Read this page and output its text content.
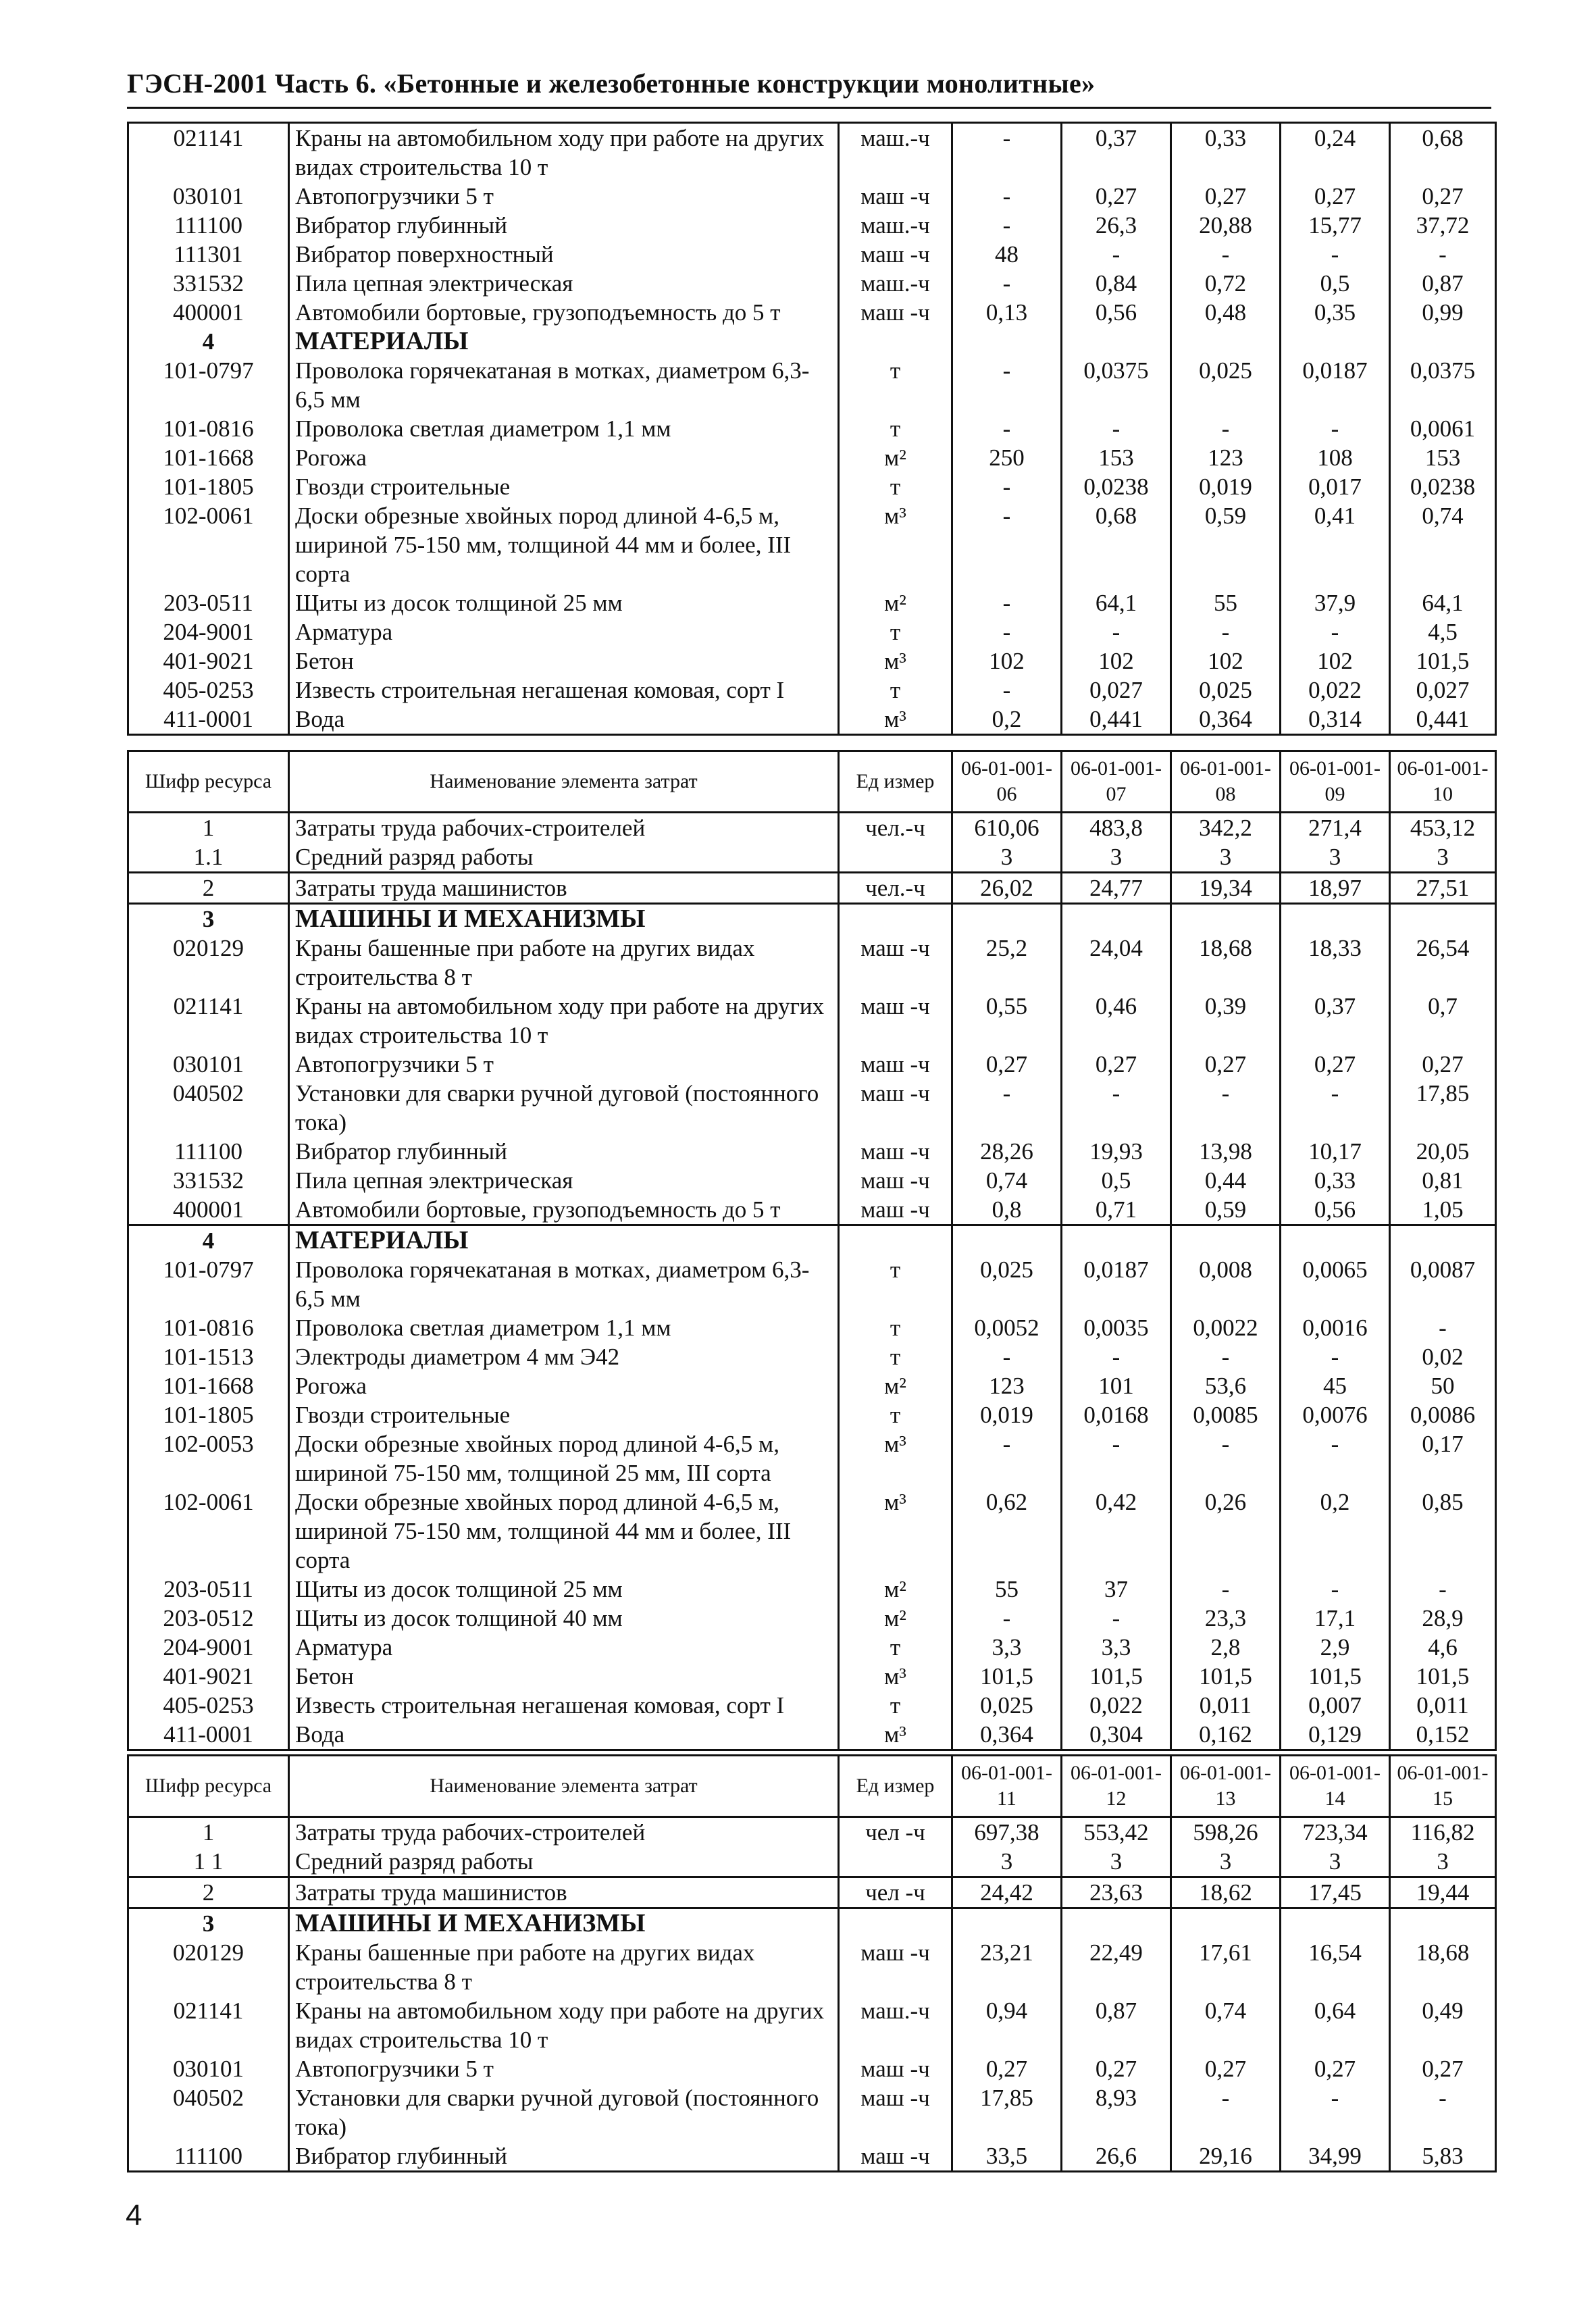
ГЭСН-2001 Часть 6. «Бетонные и железобетонные конструкции монолитные»
021141	Краны на автомобильном ходу при работе на других видах строительства 10 т	маш.-ч	-	0,37	0,33	0,24	0,68
030101	Автопогрузчики 5 т	маш -ч	-	0,27	0,27	0,27	0,27
111100	Вибратор глубинный	маш.-ч	-	26,3	20,88	15,77	37,72
111301	Вибратор поверхностный	маш -ч	48	-	-	-	-
331532	Пила цепная электрическая	маш.-ч	-	0,84	0,72	0,5	0,87
400001	Автомобили бортовые, грузоподъемность до 5 т	маш -ч	0,13	0,56	0,48	0,35	0,99
4	МАТЕРИАЛЫ						
101-0797	Проволока горячекатаная в мотках, диаметром 6,3-6,5 мм	т	-	0,0375	0,025	0,0187	0,0375
101-0816	Проволока светлая диаметром 1,1 мм	т	-	-	-	-	0,0061
101-1668	Рогожа	м²	250	153	123	108	153
101-1805	Гвозди строительные	т	-	0,0238	0,019	0,017	0,0238
102-0061	Доски обрезные хвойных пород длиной 4-6,5 м, шириной 75-150 мм, толщиной 44 мм и более, III сорта	м³	-	0,68	0,59	0,41	0,74
203-0511	Щиты из досок толщиной 25 мм	м²	-	64,1	55	37,9	64,1
204-9001	Арматура	т	-	-	-	-	4,5
401-9021	Бетон	м³	102	102	102	102	101,5
405-0253	Известь строительная негашеная комовая, сорт I	т	-	0,027	0,025	0,022	0,027
411-0001	Вода	м³	0,2	0,441	0,364	0,314	0,441
Шифр ресурса	Наименование элемента затрат	Ед измер	06-01-001-06	06-01-001-07	06-01-001-08	06-01-001-09	06-01-001-10
1	Затраты труда рабочих-строителей	чел.-ч	610,06	483,8	342,2	271,4	453,12
1.1	Средний разряд работы		3	3	3	3	3
2	Затраты труда машинистов	чел.-ч	26,02	24,77	19,34	18,97	27,51
3	МАШИНЫ И МЕХАНИЗМЫ						
020129	Краны башенные при работе на других видах строительства 8 т	маш -ч	25,2	24,04	18,68	18,33	26,54
021141	Краны на автомобильном ходу при работе на других видах строительства 10 т	маш -ч	0,55	0,46	0,39	0,37	0,7
030101	Автопогрузчики 5 т	маш -ч	0,27	0,27	0,27	0,27	0,27
040502	Установки для сварки ручной дуговой (постоянного тока)	маш -ч	-	-	-	-	17,85
111100	Вибратор глубинный	маш -ч	28,26	19,93	13,98	10,17	20,05
331532	Пила цепная электрическая	маш -ч	0,74	0,5	0,44	0,33	0,81
400001	Автомобили бортовые, грузоподъемность до 5 т	маш -ч	0,8	0,71	0,59	0,56	1,05
4	МАТЕРИАЛЫ						
101-0797	Проволока горячекатаная в мотках, диаметром 6,3-6,5 мм	т	0,025	0,0187	0,008	0,0065	0,0087
101-0816	Проволока светлая диаметром 1,1 мм	т	0,0052	0,0035	0,0022	0,0016	-
101-1513	Электроды диаметром 4 мм Э42	т	-	-	-	-	0,02
101-1668	Рогожа	м²	123	101	53,6	45	50
101-1805	Гвозди строительные	т	0,019	0,0168	0,0085	0,0076	0,0086
102-0053	Доски обрезные хвойных пород длиной 4-6,5 м, шириной 75-150 мм, толщиной 25 мм, III сорта	м³	-	-	-	-	0,17
102-0061	Доски обрезные хвойных пород длиной 4-6,5 м, шириной 75-150 мм, толщиной 44 мм и более, III сорта	м³	0,62	0,42	0,26	0,2	0,85
203-0511	Щиты из досок толщиной 25 мм	м²	55	37	-	-	-
203-0512	Щиты из досок толщиной 40 мм	м²	-	-	23,3	17,1	28,9
204-9001	Арматура	т	3,3	3,3	2,8	2,9	4,6
401-9021	Бетон	м³	101,5	101,5	101,5	101,5	101,5
405-0253	Известь строительная негашеная комовая, сорт I	т	0,025	0,022	0,011	0,007	0,011
411-0001	Вода	м³	0,364	0,304	0,162	0,129	0,152
Шифр ресурса	Наименование элемента затрат	Ед измер	06-01-001-11	06-01-001-12	06-01-001-13	06-01-001-14	06-01-001-15
1	Затраты труда рабочих-строителей	чел -ч	697,38	553,42	598,26	723,34	116,82
1 1	Средний разряд работы		3	3	3	3	3
2	Затраты труда машинистов	чел -ч	24,42	23,63	18,62	17,45	19,44
3	МАШИНЫ И МЕХАНИЗМЫ						
020129	Краны башенные при работе на других видах строительства 8 т	маш -ч	23,21	22,49	17,61	16,54	18,68
021141	Краны на автомобильном ходу при работе на других видах строительства 10 т	маш.-ч	0,94	0,87	0,74	0,64	0,49
030101	Автопогрузчики 5 т	маш -ч	0,27	0,27	0,27	0,27	0,27
040502	Установки для сварки ручной дуговой (постоянного тока)	маш -ч	17,85	8,93	-	-	-
111100	Вибратор глубинный	маш -ч	33,5	26,6	29,16	34,99	5,83
4
